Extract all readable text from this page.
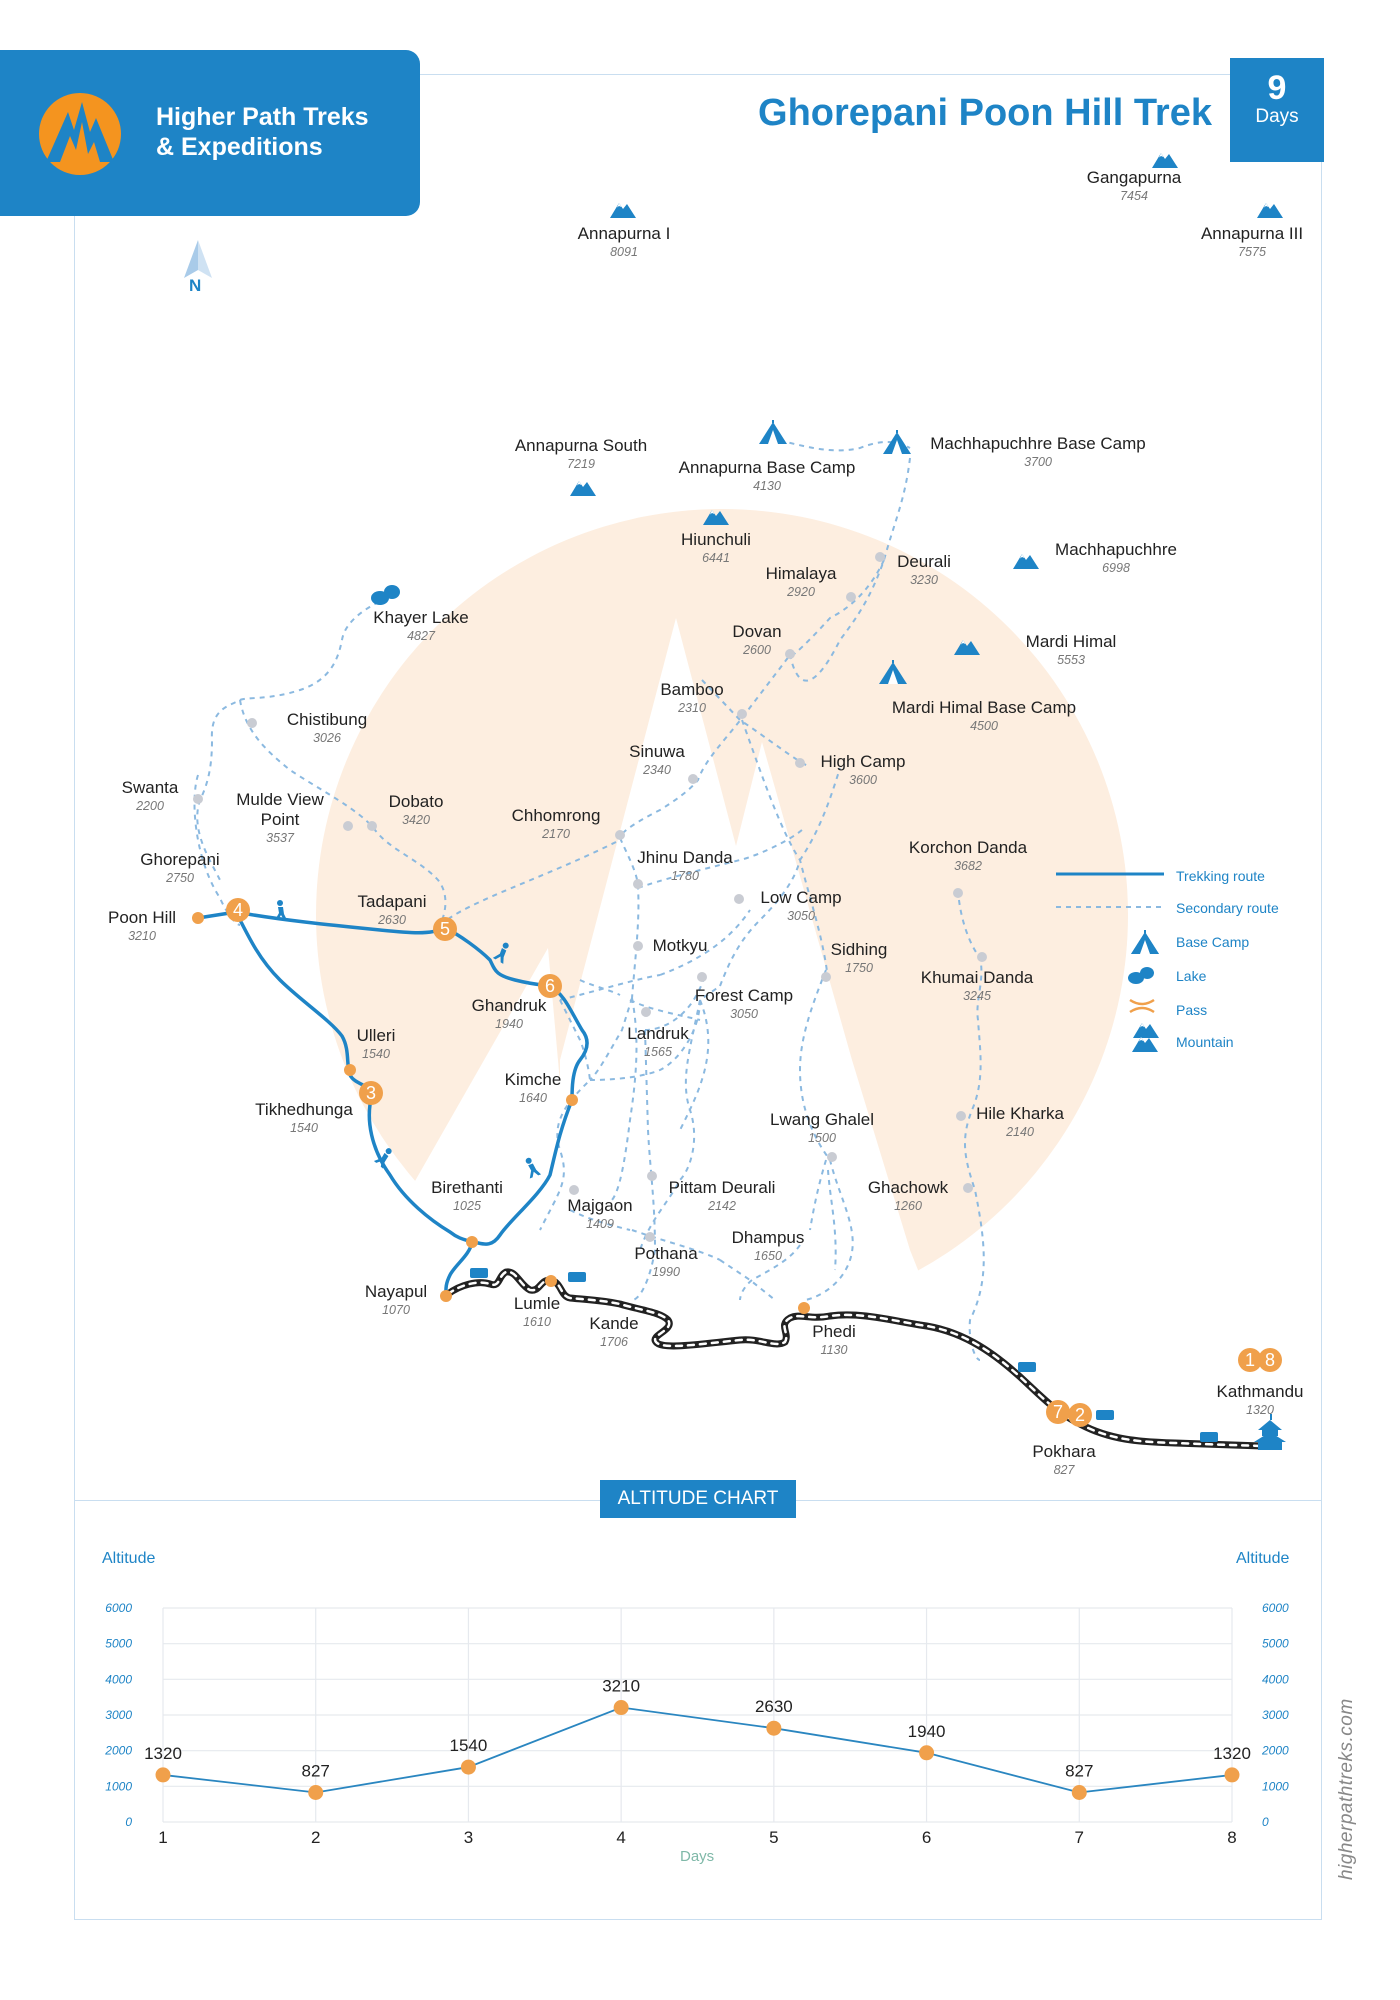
1 8
7 2
3
4
5
6
Higher Path Treks
& Expeditions
Ghorepani Poon Hill Trek
9
Days
N
Gangapurna
7454
Annapurna I
8091
Annapurna III
7575
Annapurna South
7219
Hiunchuli
6441	Machhapuchhre
6998
Mardi Himal
5553
Annapurna Base Camp
4130
Machhapuchhre Base Camp
3700
Mardi Himal Base Camp
4500
Khayer Lake
4827
Deurali
3230
Himalaya
2920
Dovan
2600
Bamboo
2310
Sinuwa
2340
Chhomrong
2170
Chistibung
3026
Swanta
2200	Mulde View Point
3537
Dobato
3420
Ghorepani
2750
Poon Hill
3210
Tadapani
2630
Jhinu Danda
1780
High Camp
3600
Korchon Danda
3682
Low Camp
3050
Motkyu	Sidhing
1750	Khumai Danda
3245
Ghandruk
1940
Forest Camp
3050
Landruk
1565
Ulleri
1540
Kimche
1640
Tikhedhunga
1540	Lwang Ghalel
1500
Hile Kharka
2140
Birethanti
1025	Majgaon
1409
Pittam Deurali
2142
Ghachowk
1260
Dhampus
1650
Pothana
1990
Nayapul
1070	Lumle
1610	Kande
1706
Phedi
1130
Kathmandu
1320
Pokhara
827
Trekking route
Secondary route
Base Camp
Lake
Pass
Mountain
ALTITUDE CHART
Altitude	Altitude
Days
0	0
1000	1000
2000	2000
3000	3000
4000	4000
5000	5000
6000	6000
1	2	3	4	5	6	7	8
1320
827
1540
3210
2630
1940
827
1320	higherpathtreks.com
